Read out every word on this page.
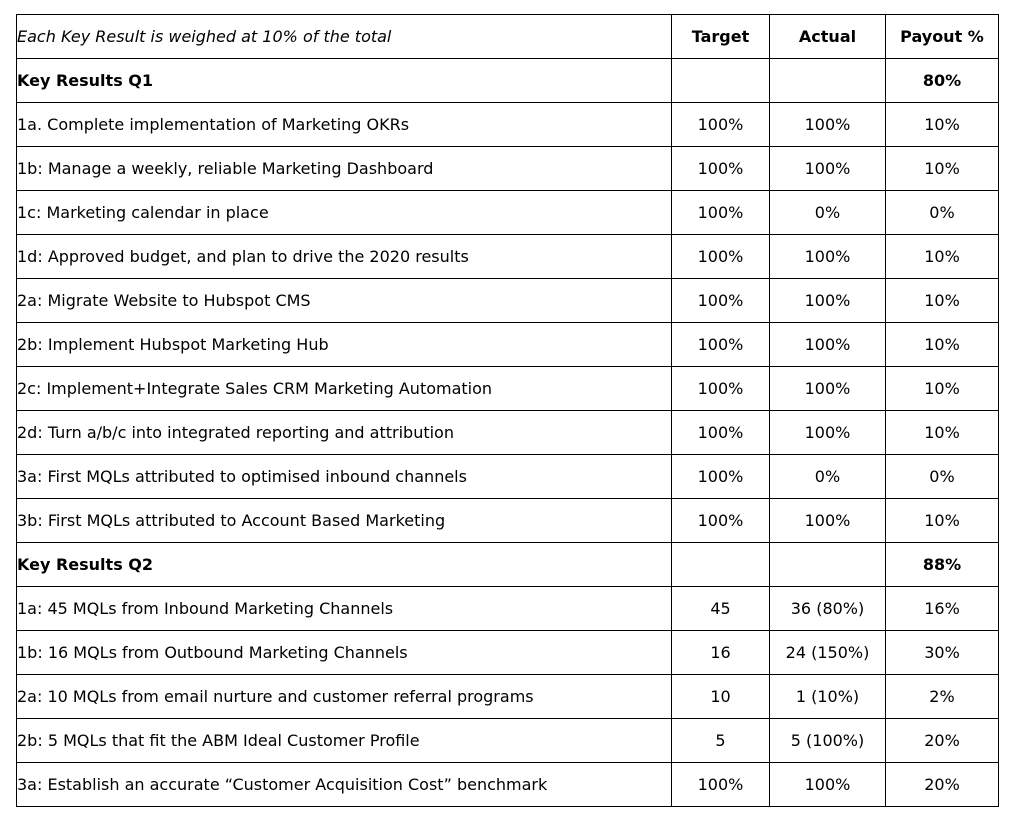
Each Key Result is weighed at 10% of the total	Target	Actual	Payout %
Key Results Q1			80%
1a. Complete implementation of Marketing OKRs	100%	100%	10%
1b: Manage a weekly, reliable Marketing Dashboard	100%	100%	10%
1c: Marketing calendar in place	100%	0%	0%
1d: Approved budget, and plan to drive the 2020 results	100%	100%	10%
2a: Migrate Website to Hubspot CMS	100%	100%	10%
2b: Implement Hubspot Marketing Hub	100%	100%	10%
2c: Implement+Integrate Sales CRM Marketing Automation	100%	100%	10%
2d: Turn a/b/c into integrated reporting and attribution	100%	100%	10%
3a: First MQLs attributed to optimised inbound channels	100%	0%	0%
3b: First MQLs attributed to Account Based Marketing	100%	100%	10%
Key Results Q2			88%
1a: 45 MQLs from Inbound Marketing Channels	45	36 (80%)	16%
1b: 16 MQLs from Outbound Marketing Channels	16	24 (150%)	30%
2a: 10 MQLs from email nurture and customer referral programs	10	1 (10%)	2%
2b: 5 MQLs that fit the ABM Ideal Customer Profile	5	5 (100%)	20%
3a: Establish an accurate “Customer Acquisition Cost” benchmark	100%	100%	20%
